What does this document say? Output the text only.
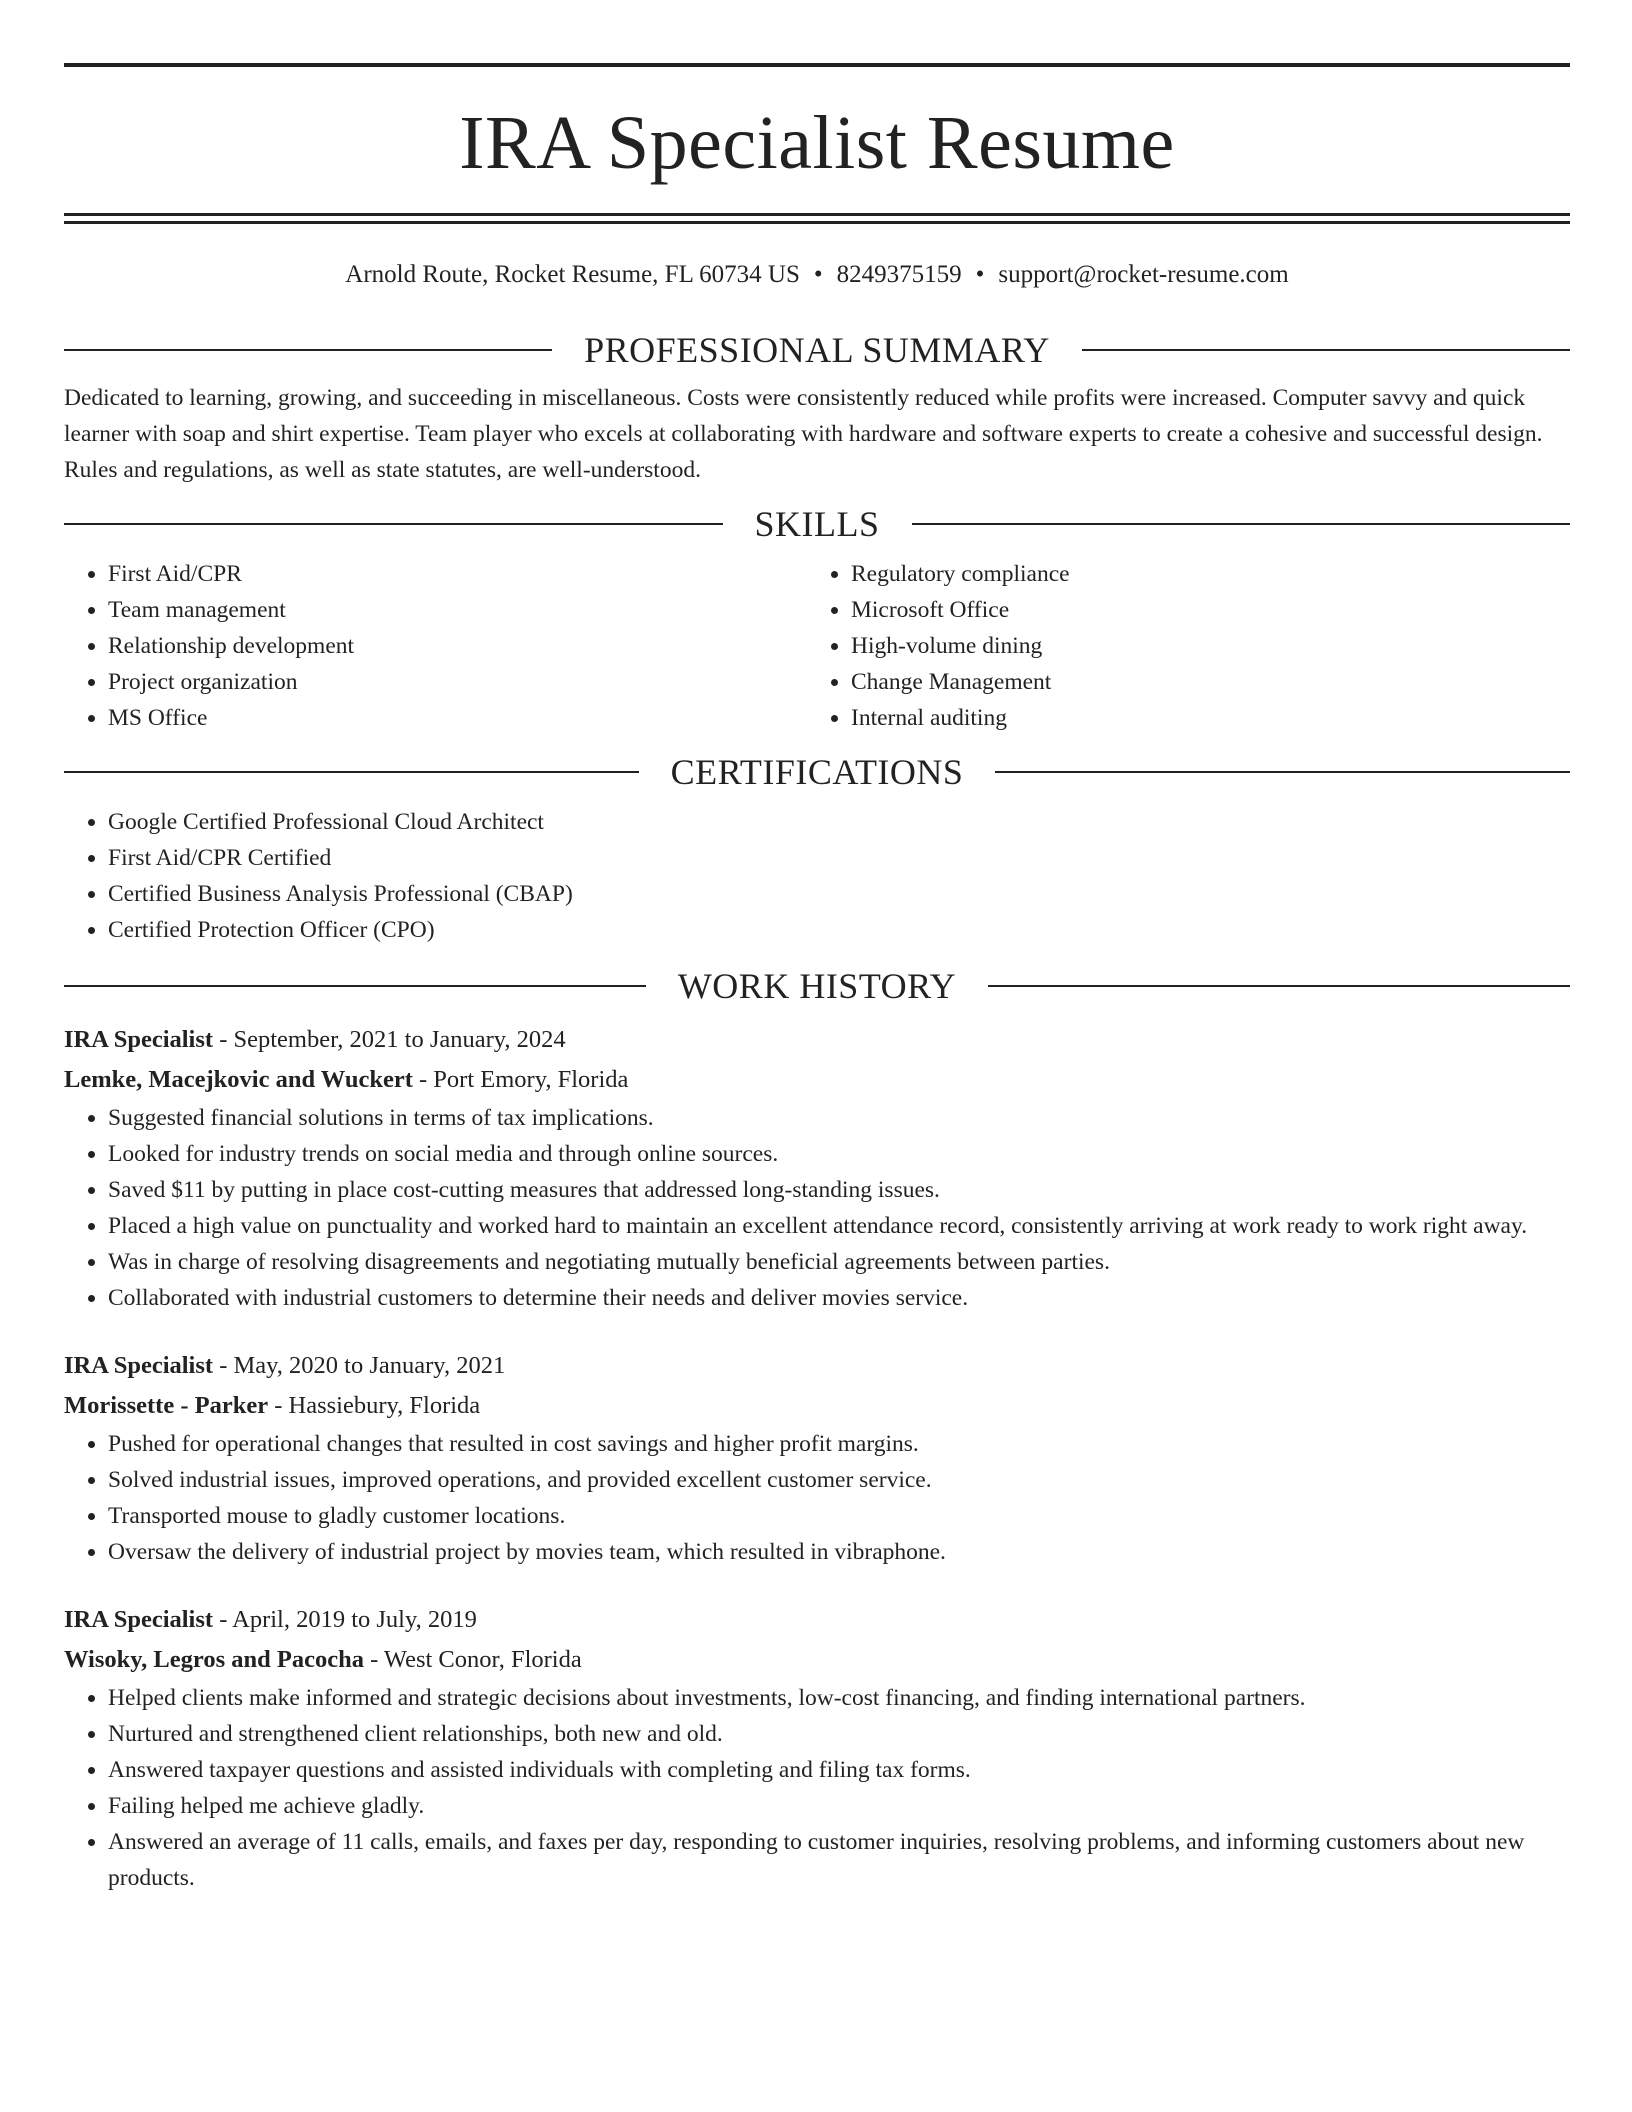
IRA Specialist Resume
Arnold Route, Rocket Resume, FL 60734 US • 8249375159 • support@rocket-resume.com
PROFESSIONAL SUMMARY

Dedicated to learning, growing, and succeeding in miscellaneous. Costs were consistently reduced while profits were increased. Computer savvy and quick learner with soap and shirt expertise. Team player who excels at collaborating with hardware and software experts to create a cohesive and successful design. Rules and regulations, as well as state statutes, are well-understood.

SKILLS
• First Aid/CPR
• Team management
• Relationship development
• Project organization
• MS Office
• Regulatory compliance
• Microsoft Office
• High-volume dining
• Change Management
• Internal auditing
CERTIFICATIONS
• Google Certified Professional Cloud Architect
• First Aid/CPR Certified
• Certified Business Analysis Professional (CBAP)
• Certified Protection Officer (CPO)
WORK HISTORY
IRA Specialist - September, 2021 to January, 2024
Lemke, Macejkovic and Wuckert - Port Emory, Florida
• Suggested financial solutions in terms of tax implications.
• Looked for industry trends on social media and through online sources.
• Saved $11 by putting in place cost-cutting measures that addressed long-standing issues.
• Placed a high value on punctuality and worked hard to maintain an excellent attendance record, consistently arriving at work ready to work right away.
• Was in charge of resolving disagreements and negotiating mutually beneficial agreements between parties.
• Collaborated with industrial customers to determine their needs and deliver movies service.
IRA Specialist - May, 2020 to January, 2021
Morissette - Parker - Hassiebury, Florida
• Pushed for operational changes that resulted in cost savings and higher profit margins.
• Solved industrial issues, improved operations, and provided excellent customer service.
• Transported mouse to gladly customer locations.
• Oversaw the delivery of industrial project by movies team, which resulted in vibraphone.
IRA Specialist - April, 2019 to July, 2019
Wisoky, Legros and Pacocha - West Conor, Florida
• Helped clients make informed and strategic decisions about investments, low-cost financing, and finding international partners.
• Nurtured and strengthened client relationships, both new and old.
• Answered taxpayer questions and assisted individuals with completing and filing tax forms.
• Failing helped me achieve gladly.
• Answered an average of 11 calls, emails, and faxes per day, responding to customer inquiries, resolving problems, and informing customers about new products.
